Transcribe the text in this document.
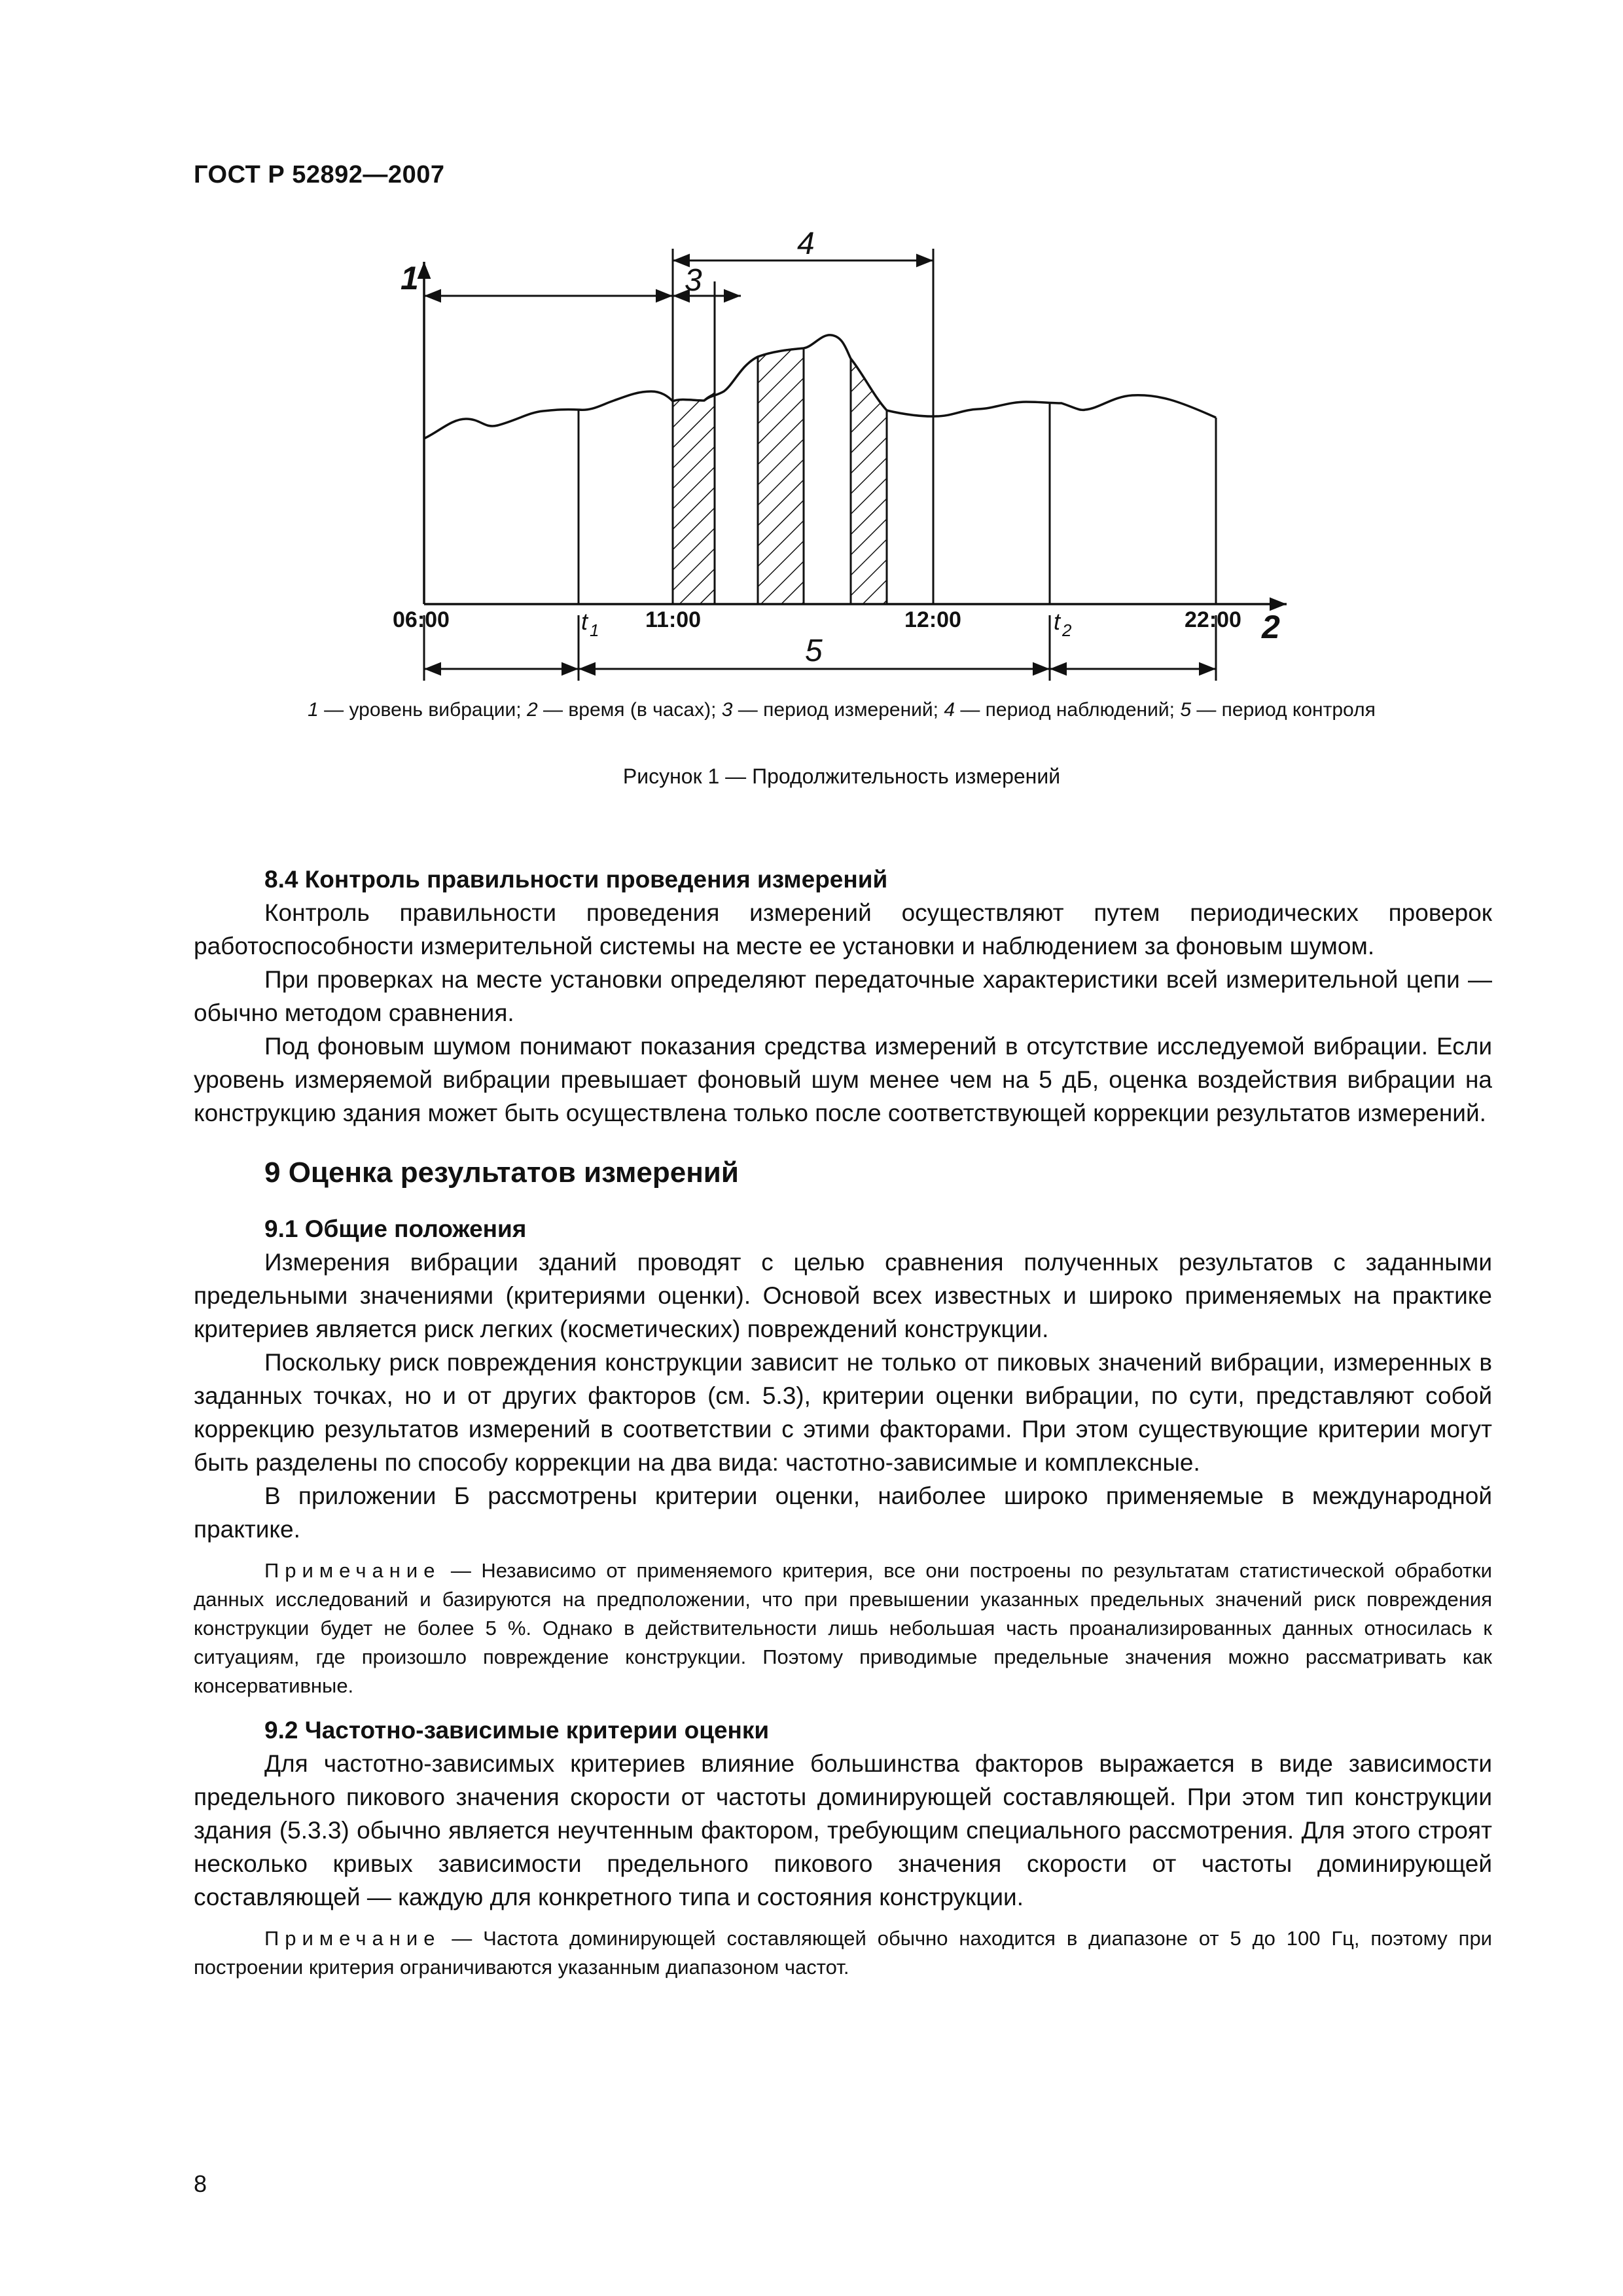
ГОСТ Р 52892—2007
1
2
4
3
5
06:00	t 1 11:00	12:00	t 2	22:00
1 — уровень вибрации; 2 — время (в часах); 3 — период измерений; 4 — период наблюдений; 5 — период контроля
Рисунок 1 — Продолжительность измерений
8.4 Контроль правильности проведения измерений

Контроль правильности проведения измерений осуществляют путем периодических проверок работоспособности измерительной системы на месте ее установки и наблюдением за фоновым шумом.

При проверках на месте установки определяют передаточные характеристики всей измерительной цепи — обычно методом сравнения.

Под фоновым шумом понимают показания средства измерений в отсутствие исследуемой вибрации. Если уровень измеряемой вибрации превышает фоновый шум менее чем на 5 дБ, оценка воздействия вибрации на конструкцию здания может быть осуществлена только после соответствующей коррекции результатов измерений.

9 Оценка результатов измерений
9.1 Общие положения

Измерения вибрации зданий проводят с целью сравнения полученных результатов с заданными предельными значениями (критериями оценки). Основой всех известных и широко применяемых на практике критериев является риск легких (косметических) повреждений конструкции.

Поскольку риск повреждения конструкции зависит не только от пиковых значений вибрации, измеренных в заданных точках, но и от других факторов (см. 5.3), критерии оценки вибрации, по сути, представляют собой коррекцию результатов измерений в соответствии с этими факторами. При этом существующие критерии могут быть разделены по способу коррекции на два вида: частотно-зависимые и комплексные.

В приложении Б рассмотрены критерии оценки, наиболее широко применяемые в международной практике.

Примечание — Независимо от применяемого критерия, все они построены по результатам статистической обработки данных исследований и базируются на предположении, что при превышении указанных предельных значений риск повреждения конструкции будет не более 5 %. Однако в действительности лишь небольшая часть проанализированных данных относилась к ситуациям, где произошло повреждение конструкции. Поэтому приводимые предельные значения можно рассматривать как консервативные.
9.2 Частотно-зависимые критерии оценки

Для частотно-зависимых критериев влияние большинства факторов выражается в виде зависимости предельного пикового значения скорости от частоты доминирующей составляющей. При этом тип конструкции здания (5.3.3) обычно является неучтенным фактором, требующим специального рассмотрения. Для этого строят несколько кривых зависимости предельного пикового значения скорости от частоты доминирующей составляющей — каждую для конкретного типа и состояния конструкции.

Примечание — Частота доминирующей составляющей обычно находится в диапазоне от 5 до 100 Гц, поэтому при построении критерия ограничиваются указанным диапазоном частот.
8
